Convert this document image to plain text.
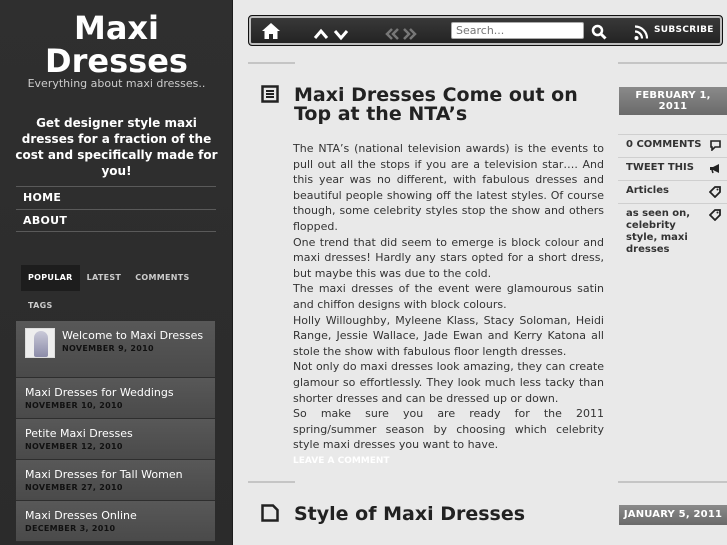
Maxi
Dresses
Everything about maxi dresses..
Get designer style maxi dresses for a fraction of the cost and specifically made for you!
HOME
ABOUT
POPULAR LATEST COMMENTS
TAGS
Welcome to Maxi Dresses
NOVEMBER 9, 2010
Maxi Dresses for Weddings
NOVEMBER 10, 2010
Petite Maxi Dresses
NOVEMBER 12, 2010
Maxi Dresses for Tall Women
NOVEMBER 27, 2010
Maxi Dresses Online
DECEMBER 3, 2010
Search...
SUBSCRIBE
Maxi Dresses Come out on
Top at the NTA’s
FEBRUARY 1,
2011

The NTA’s (national television awards) is the events to pull out all the stops if you are a television star…. And this year was no different, with fabulous dresses and beautiful people showing off the latest styles. Of course though, some celebrity styles stop the show and others flopped.

One trend that did seem to emerge is block colour and maxi dresses! Hardly any stars opted for a short dress, but maybe this was due to the cold.

The maxi dresses of the event were glamourous satin and chiffon designs with block colours.

Holly Willoughby, Myleene Klass, Stacy Soloman, Heidi Range, Jessie Wallace, Jade Ewan and Kerry Katona all stole the show with fabulous floor length dresses.

Not only do maxi dresses look amazing, they can create glamour so effortlessly. They look much less tacky than shorter dresses and can be dressed up or down.

So make sure you are ready for the 2011 spring/summer season by choosing which celebrity style maxi dresses you want to have.

LEAVE A COMMENT
0 COMMENTS
TWEET THIS
Articles
as seen on, celebrity style, maxi dresses
Style of Maxi Dresses	JANUARY 5, 2011
